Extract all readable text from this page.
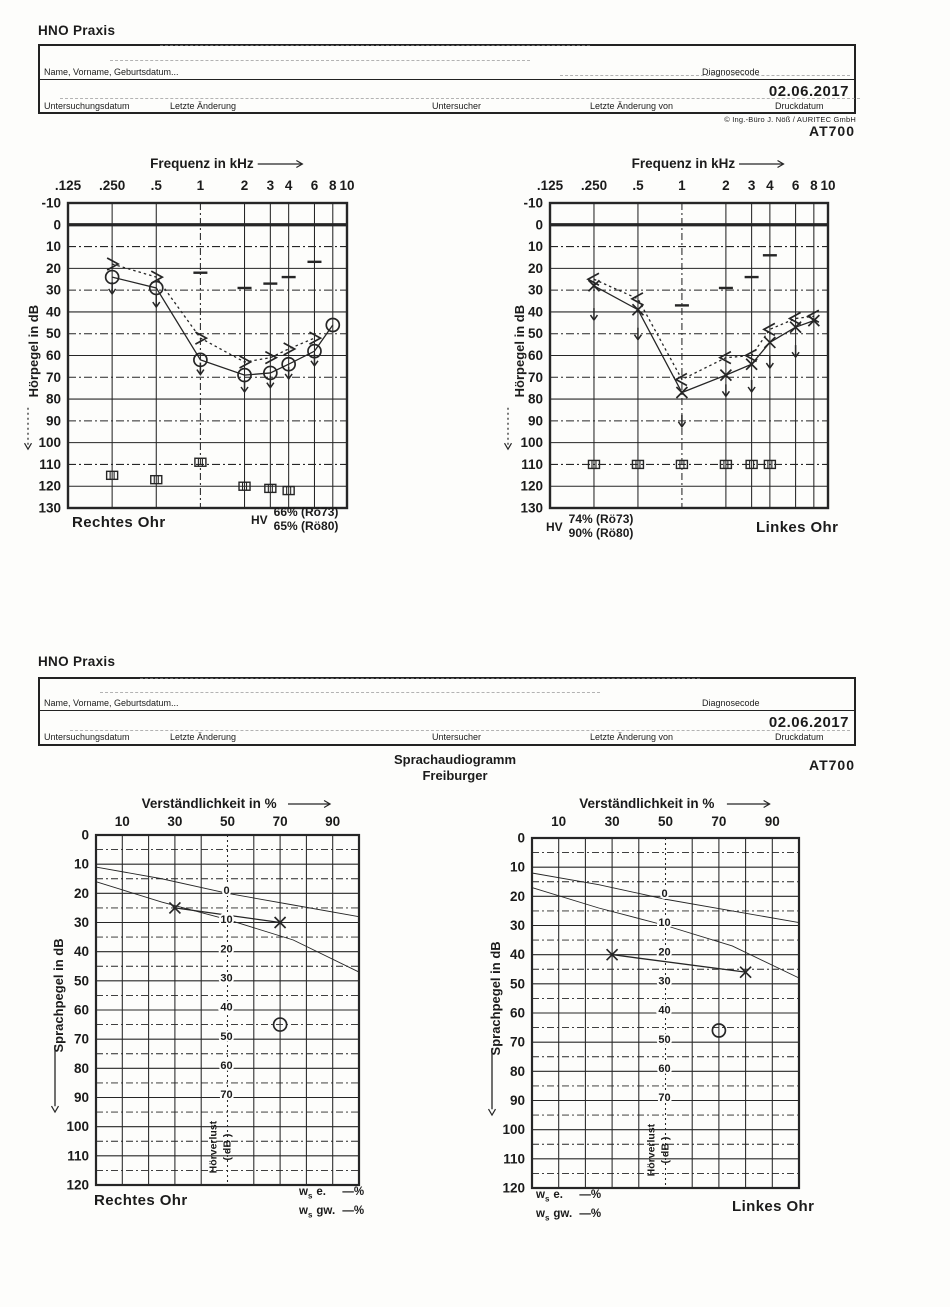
HNO Praxis
Name, Vorname, Geburtsdatum...	Diagnosecode
02.06.2017
Untersuchungsdatum	Letzte Änderung	Untersucher	Letzte Änderung von	Druckdatum
© Ing.-Büro J. Nöß / AURITEC GmbH
AT700
Frequenz in kHz
.125 .250 .5	1	2 3 4 6 8 10
-10
0
10
20
30
40
50
60
70
80
90
100
110
120
130
Hörpegel in dB
Frequenz in kHz
.125 .250 .5	1	2 3 4 6 8 10
-10
0
10
20
30
40
50
60
70
80
90
100
110
120
130
Hörpegel in dB
Rechtes Ohr	HV
66% (Rö73)
65% (Rö80)	HV
74% (Rö73)
90% (Rö80)	Linkes Ohr
HNO Praxis
Name, Vorname, Geburtsdatum...	Diagnosecode
02.06.2017
Untersuchungsdatum	Letzte Änderung	Untersucher	Letzte Änderung von	Druckdatum
Sprachaudiogramm
Freiburger
AT700
Verständlichkeit in %
10	30	50	70	90
0
10
20
30
40
50
60
70
80
90
100
110
120
Sprachpegel in dB
0
10
20
30
40
50
60
70
Hörverlust ( dB )
Verständlichkeit in %
10	30	50	70	90
0
10
20
30
40
50
60
70
80
90
100
110
120
Sprachpegel in dB
0
10
20
30
40
50
60
70
Hörverlust ( dB )
Rechtes Ohr	$w_s$ e.	—%
$w_s$ gw. —%
$w_s$ e.	—%
$w_s$ gw. —%	Linkes Ohr
